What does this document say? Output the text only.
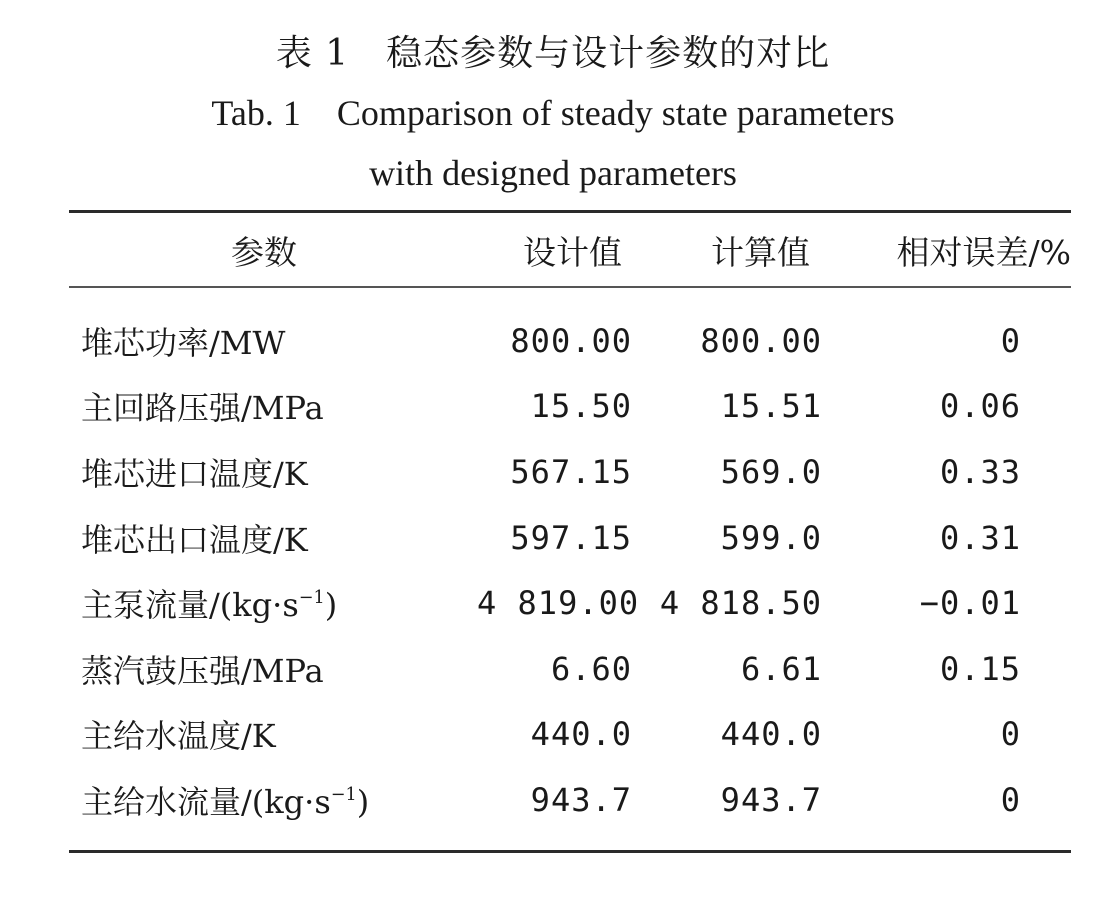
表 1　稳态参数与设计参数的对比
Tab. 1　Comparison of steady state parameters
with designed parameters
参数	设计值	计算值	相对误差/%
堆芯功率/MW	800.00	800.00	0
主回路压强/MPa	15.50	15.51	0.06
堆芯进口温度/K	567.15	569.0	0.33
堆芯出口温度/K	597.15	599.0	0.31
主泵流量$/(kg\cdot s^{-1})$	4 819.00	4 818.50	−0.01
蒸汽鼓压强/MPa	6.60	6.61	0.15
主给水温度/K	440.0	440.0	0
主给水流量$/(kg\cdot s^{-1})$	943.7	943.7	0
